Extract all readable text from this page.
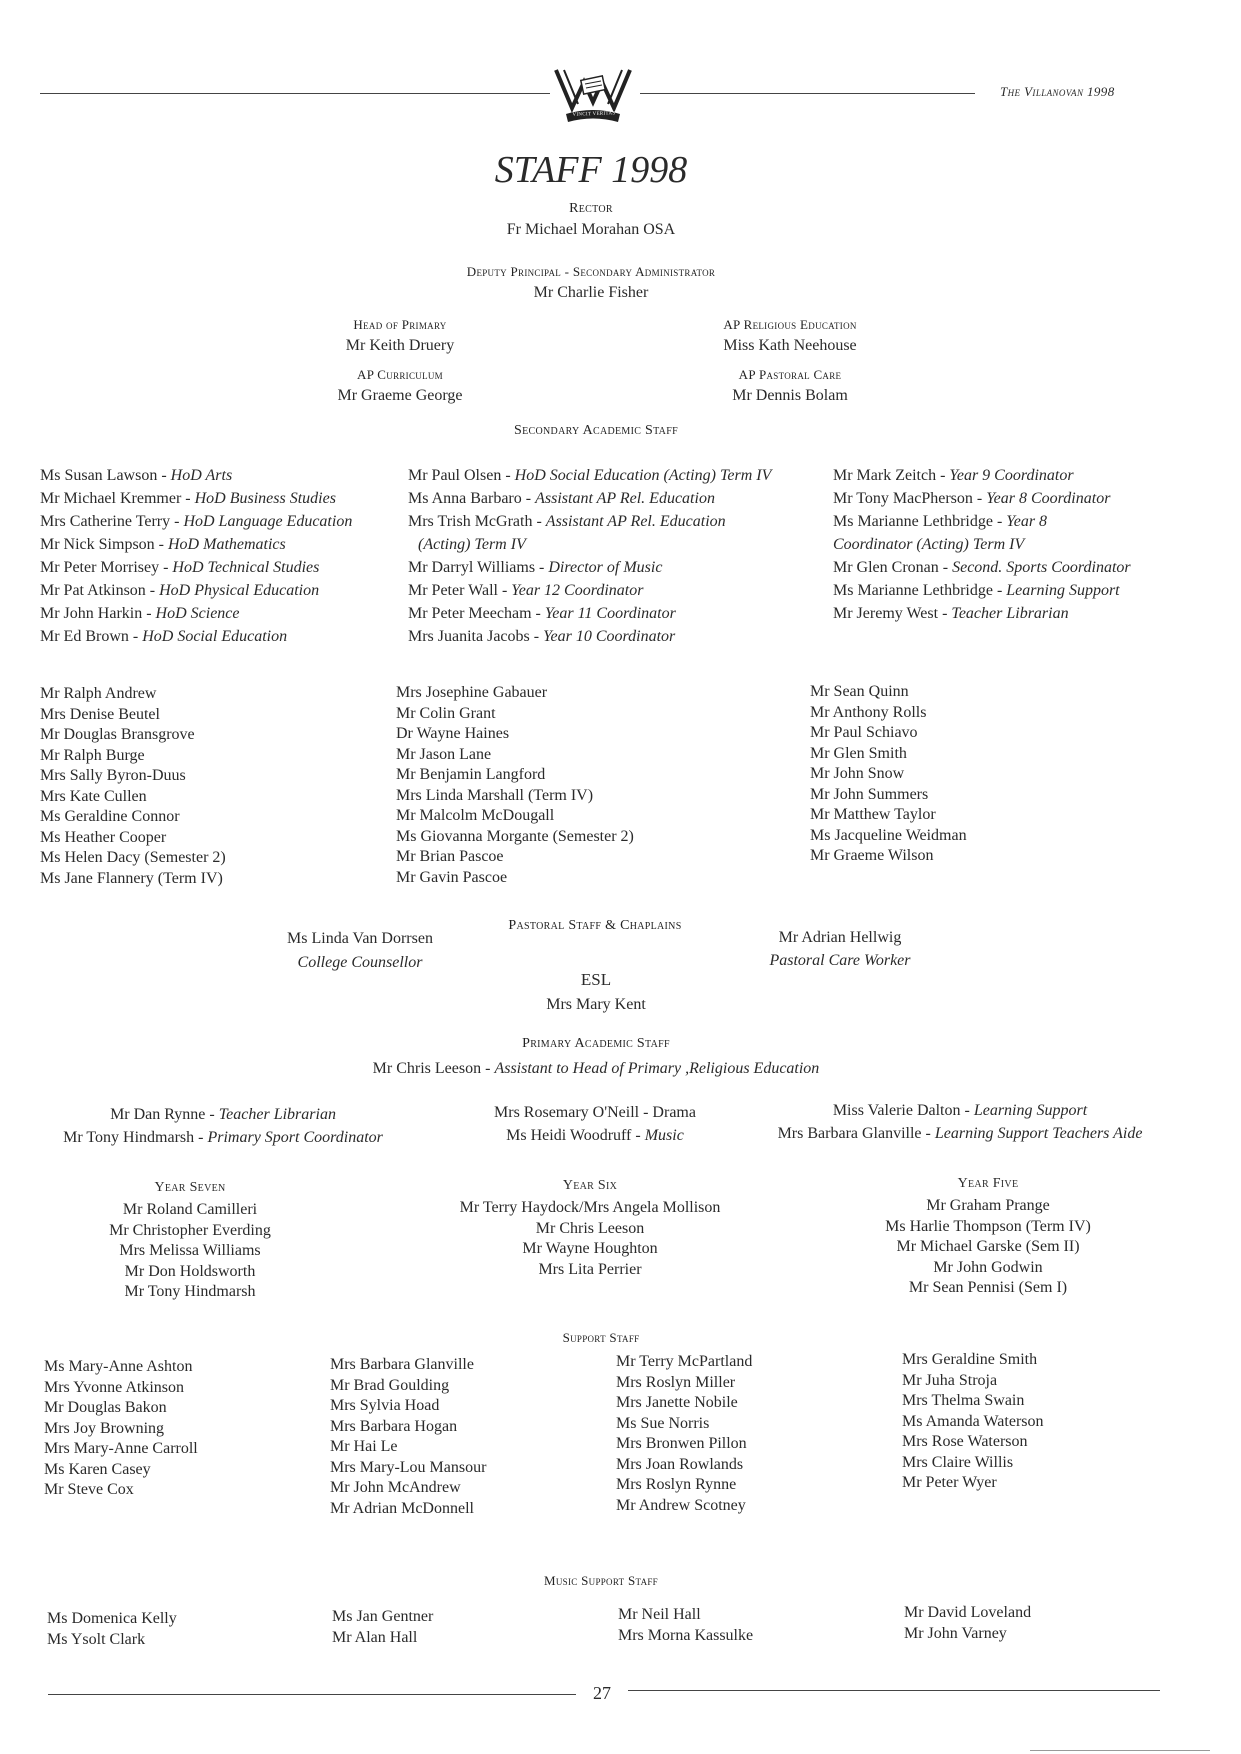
The Villanovan 1998
VINCIT VERITAS
STAFF 1998
Rector
Fr Michael Morahan OSA
Deputy Principal - Secondary Administrator
Mr Charlie Fisher
Head of Primary
Mr Keith Druery
AP Religious Education
Miss Kath Neehouse
AP Curriculum
Mr Graeme George
AP Pastoral Care
Mr Dennis Bolam
Secondary Academic Staff
Ms Susan Lawson - HoD Arts
Mr Michael Kremmer - HoD Business Studies
Mrs Catherine Terry - HoD Language Education
Mr Nick Simpson - HoD Mathematics
Mr Peter Morrisey - HoD Technical Studies
Mr Pat Atkinson - HoD Physical Education
Mr John Harkin - HoD Science
Mr Ed Brown - HoD Social Education
Mr Paul Olsen - HoD Social Education (Acting) Term IV
Ms Anna Barbaro - Assistant AP Rel. Education
Mrs Trish McGrath - Assistant AP Rel. Education
(Acting) Term IV
Mr Darryl Williams - Director of Music
Mr Peter Wall - Year 12 Coordinator
Mr Peter Meecham - Year 11 Coordinator
Mrs Juanita Jacobs - Year 10 Coordinator
Mr Mark Zeitch - Year 9 Coordinator
Mr Tony MacPherson - Year 8 Coordinator
Ms Marianne Lethbridge - Year 8
Coordinator (Acting) Term IV
Mr Glen Cronan - Second. Sports Coordinator
Ms Marianne Lethbridge - Learning Support
Mr Jeremy West - Teacher Librarian
Mr Ralph Andrew
Mrs Denise Beutel
Mr Douglas Bransgrove
Mr Ralph Burge
Mrs Sally Byron-Duus
Mrs Kate Cullen
Ms Geraldine Connor
Ms Heather Cooper
Ms Helen Dacy (Semester 2)
Ms Jane Flannery (Term IV)
Mrs Josephine Gabauer
Mr Colin Grant
Dr Wayne Haines
Mr Jason Lane
Mr Benjamin Langford
Mrs Linda Marshall (Term IV)
Mr Malcolm McDougall
Ms Giovanna Morgante (Semester 2)
Mr Brian Pascoe
Mr Gavin Pascoe
Mr Sean Quinn
Mr Anthony Rolls
Mr Paul Schiavo
Mr Glen Smith
Mr John Snow
Mr John Summers
Mr Matthew Taylor
Ms Jacqueline Weidman
Mr Graeme Wilson
Pastoral Staff & Chaplains
Ms Linda Van Dorrsen
College Counsellor
Mr Adrian Hellwig
Pastoral Care Worker
ESL
Mrs Mary Kent
Primary Academic Staff
Mr Chris Leeson - Assistant to Head of Primary ,Religious Education
Mr Dan Rynne - Teacher Librarian
Mr Tony Hindmarsh - Primary Sport Coordinator
Mrs Rosemary O'Neill - Drama
Ms Heidi Woodruff - Music
Miss Valerie Dalton - Learning Support
Mrs Barbara Glanville - Learning Support Teachers Aide
Year Seven
Mr Roland Camilleri
Mr Christopher Everding
Mrs Melissa Williams
Mr Don Holdsworth
Mr Tony Hindmarsh
Year Six
Mr Terry Haydock/Mrs Angela Mollison
Mr Chris Leeson
Mr Wayne Houghton
Mrs Lita Perrier
Year Five
Mr Graham Prange
Ms Harlie Thompson (Term IV)
Mr Michael Garske (Sem II)
Mr John Godwin
Mr Sean Pennisi (Sem I)
Support Staff
Ms Mary-Anne Ashton
Mrs Yvonne Atkinson
Mr Douglas Bakon
Mrs Joy Browning
Mrs Mary-Anne Carroll
Ms Karen Casey
Mr Steve Cox
Mrs Barbara Glanville
Mr Brad Goulding
Mrs Sylvia Hoad
Mrs Barbara Hogan
Mr Hai Le
Mrs Mary-Lou Mansour
Mr John McAndrew
Mr Adrian McDonnell
Mr Terry McPartland
Mrs Roslyn Miller
Mrs Janette Nobile
Ms Sue Norris
Mrs Bronwen Pillon
Mrs Joan Rowlands
Mrs Roslyn Rynne
Mr Andrew Scotney
Mrs Geraldine Smith
Mr Juha Stroja
Mrs Thelma Swain
Ms Amanda Waterson
Mrs Rose Waterson
Mrs Claire Willis
Mr Peter Wyer
Music Support Staff
Ms Domenica Kelly
Ms Ysolt Clark
Ms Jan Gentner
Mr Alan Hall
Mr Neil Hall
Mrs Morna Kassulke
Mr David Loveland
Mr John Varney
27
